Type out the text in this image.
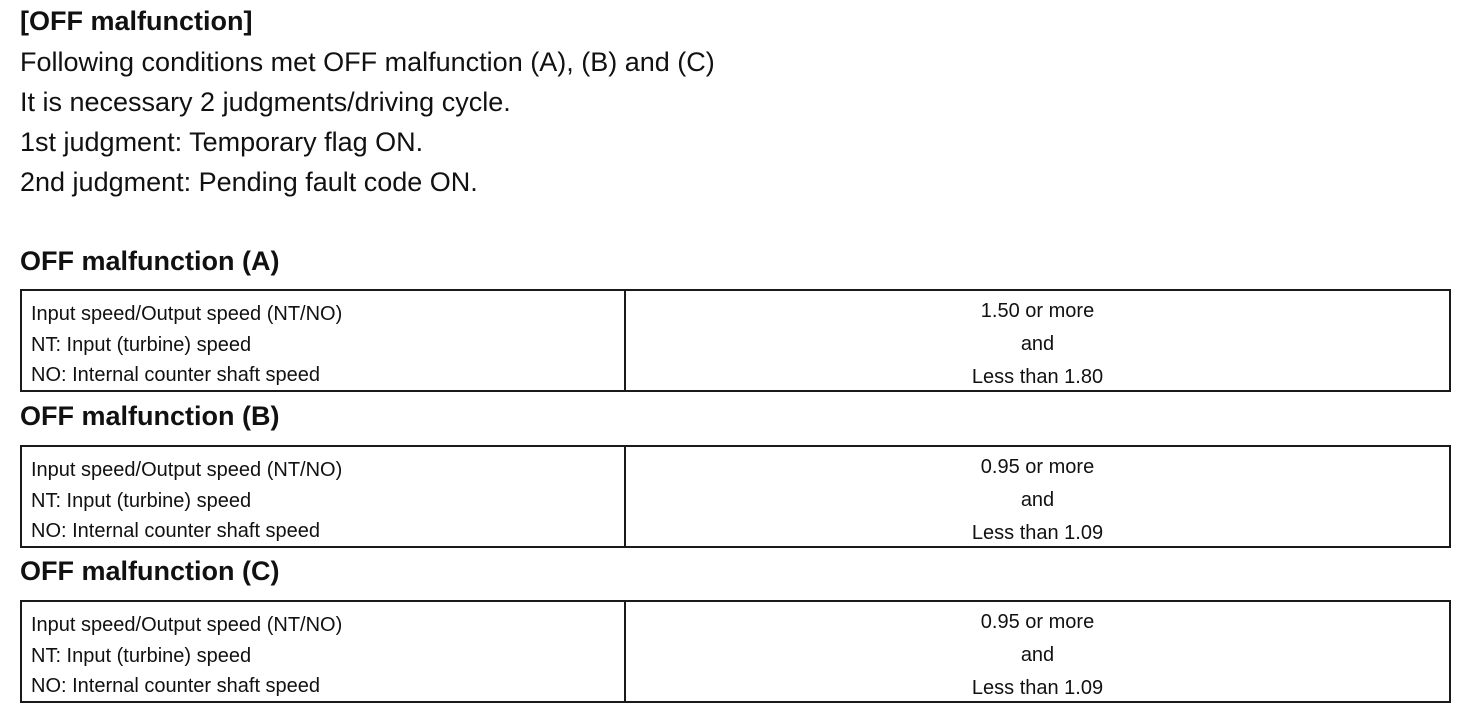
[OFF malfunction]
Following conditions met OFF malfunction (A), (B) and (C)
It is necessary 2 judgments/driving cycle.
1st judgment: Temporary flag ON.
2nd judgment: Pending fault code ON.
OFF malfunction (A)
Input speed/Output speed (NT/NO)
NT: Input (turbine) speed
NO: Internal counter shaft speed
1.50 or more
and
Less than 1.80
OFF malfunction (B)
Input speed/Output speed (NT/NO)
NT: Input (turbine) speed
NO: Internal counter shaft speed
0.95 or more
and
Less than 1.09
OFF malfunction (C)
Input speed/Output speed (NT/NO)
NT: Input (turbine) speed
NO: Internal counter shaft speed
0.95 or more
and
Less than 1.09
